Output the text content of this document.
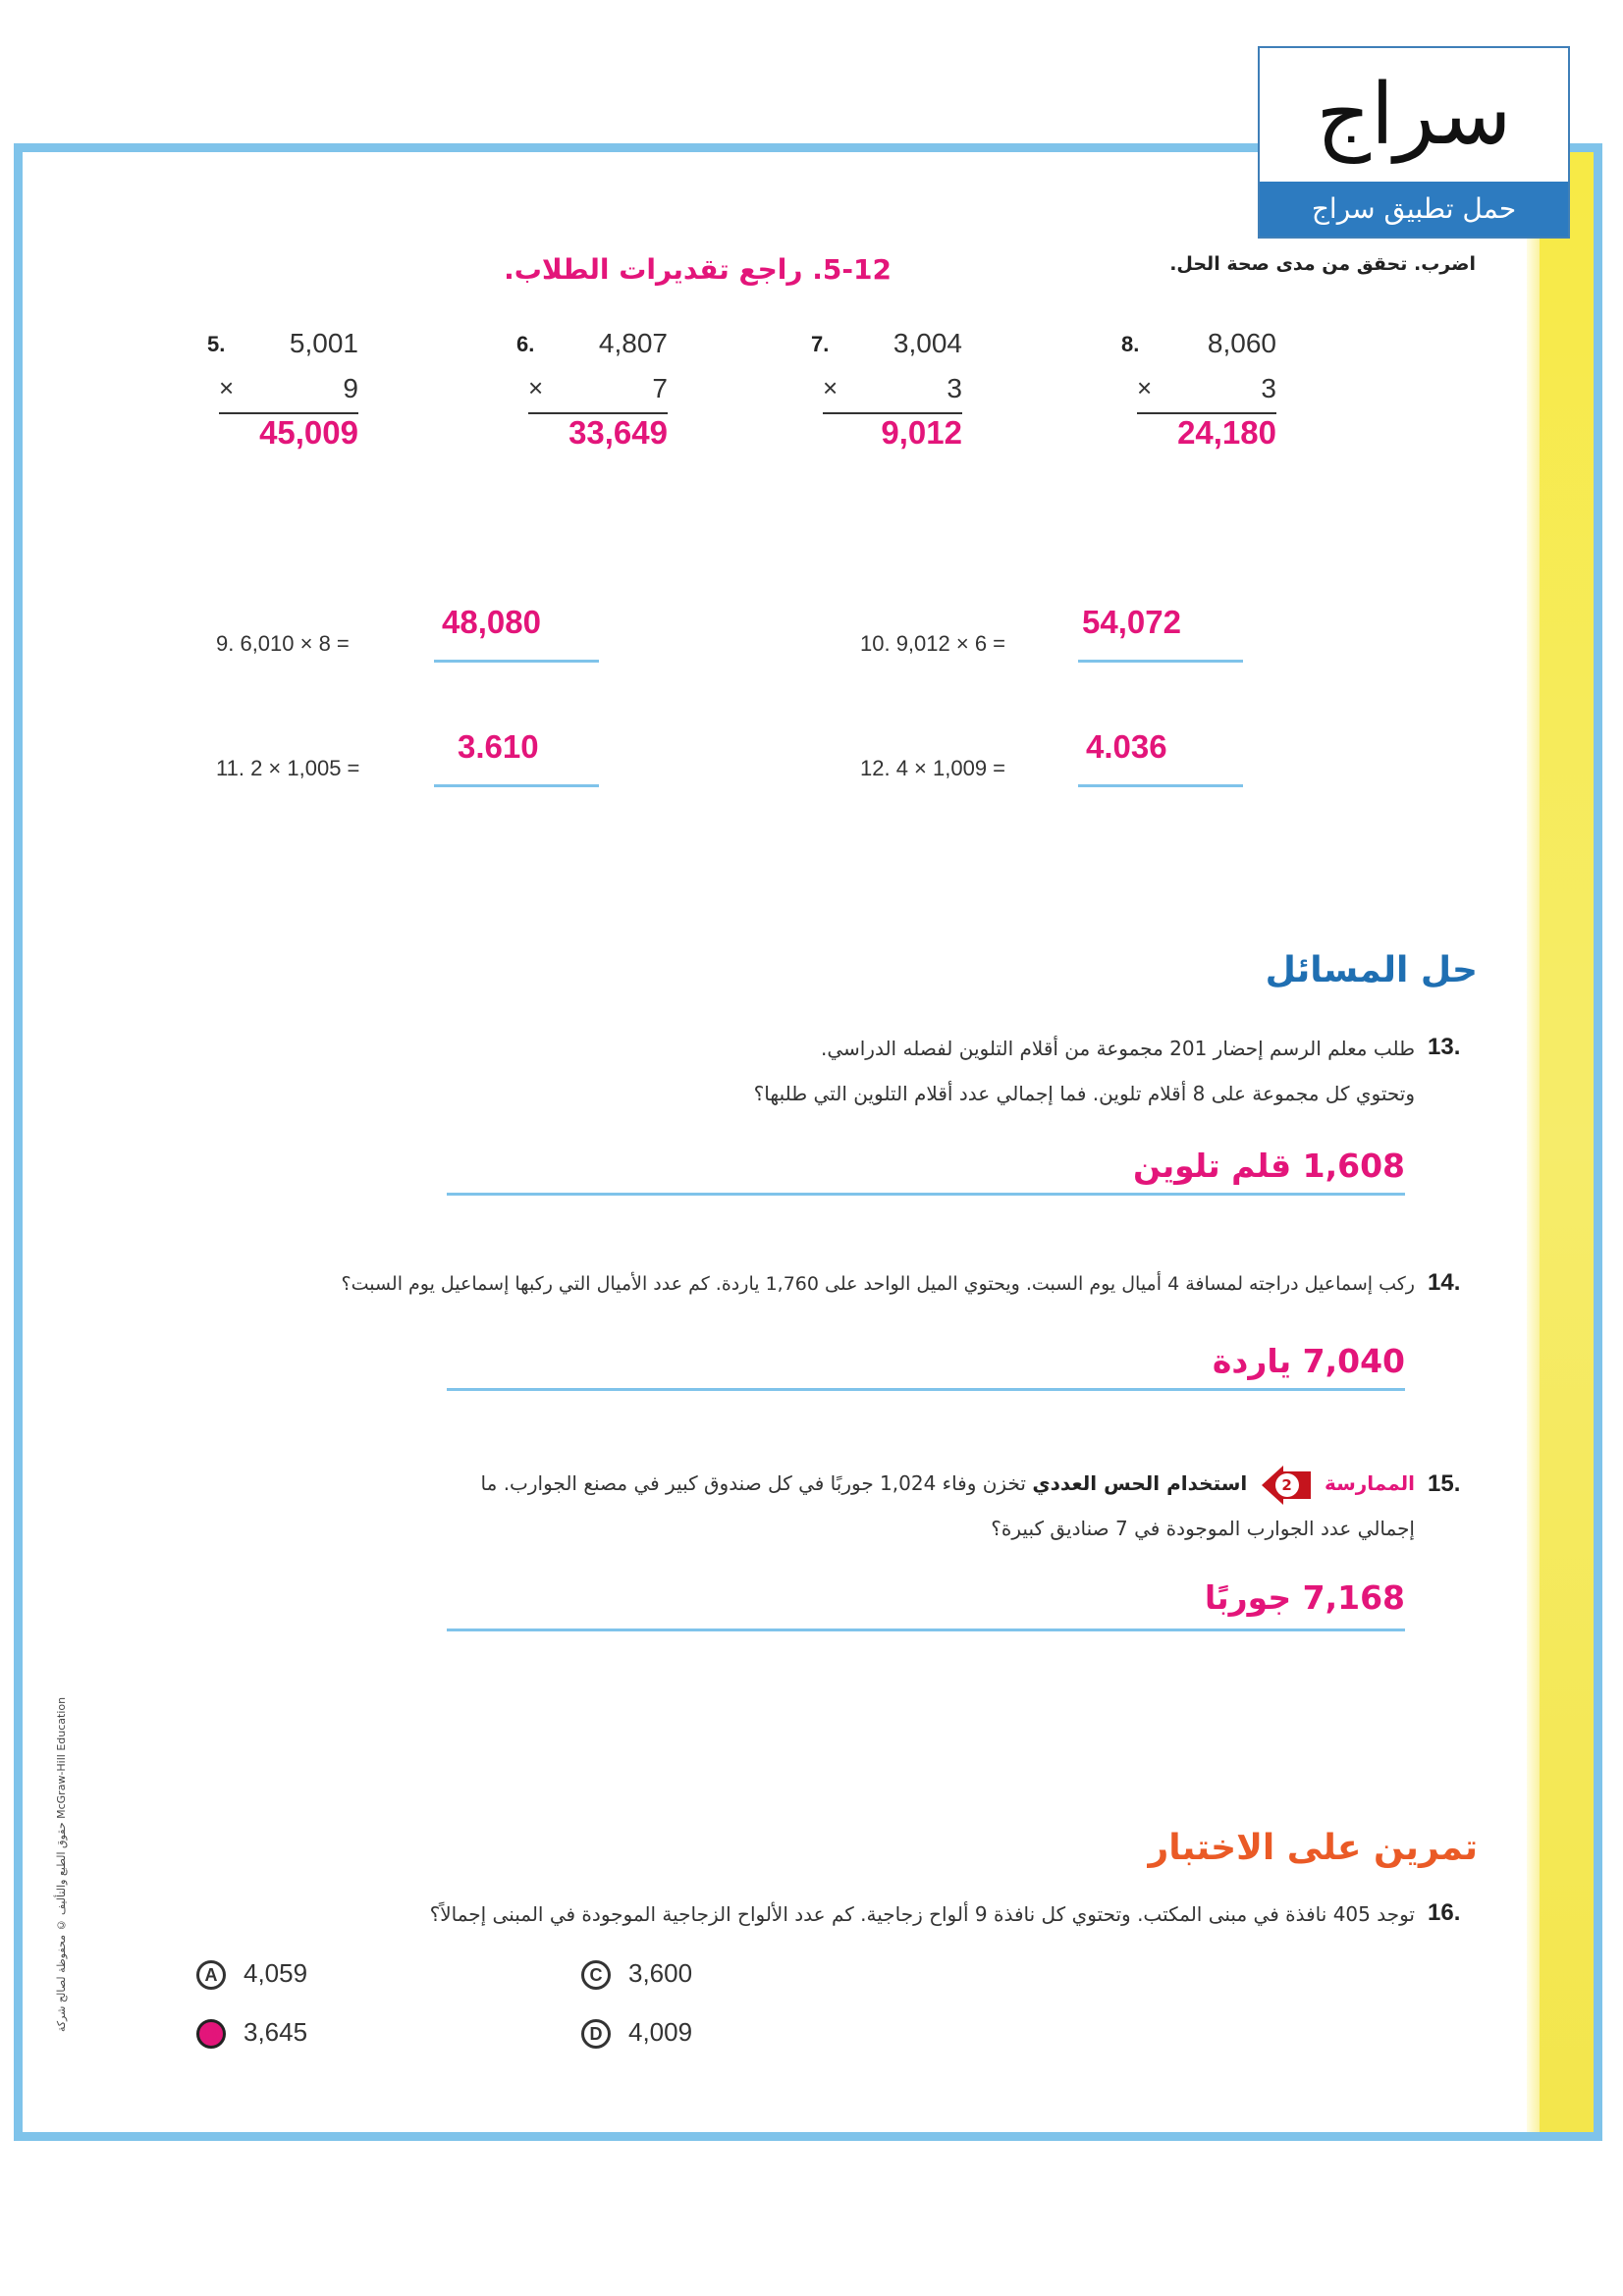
سراج
حمل تطبيق سراج
اضرب. تحقق من مدى صحة الحل.
5-12. راجع تقديرات الطلاب.
5. 5,001
×	9
45,009
6. 4,807
×	7
33,649
7. 3,004
×	3
9,012
8. 8,060
×	3
24,180
9. 6,010 × 8 =
48,080
10. 9,012 × 6 =
54,072
11. 2 × 1,005 =
3.610
12. 4 × 1,009 =
4.036
حل المسائل
13.
طلب معلم الرسم إحضار 201 مجموعة من أقلام التلوين لفصله الدراسي.
وتحتوي كل مجموعة على 8 أقلام تلوين. فما إجمالي عدد أقلام التلوين التي طلبها؟
1,608 قلم تلوين
14.
ركب إسماعيل دراجته لمسافة 4 أميال يوم السبت. ويحتوي الميل الواحد على 1,760 ياردة. كم عدد الأميال التي ركبها إسماعيل يوم السبت؟
7,040 ياردة
15.
الممارسة
2
استخدام الحس العددي تخزن وفاء 1,024 جوربًا في كل صندوق كبير في مصنع الجوارب. ما
إجمالي عدد الجوارب الموجودة في 7 صناديق كبيرة؟
7,168 جوربًا
تمرين على الاختبار
16.
توجد 405 نافذة في مبنى المكتب. وتحتوي كل نافذة 9 ألواح زجاجية. كم عدد الألواح الزجاجية الموجودة في المبنى إجمالاً؟
A 4,059	C 3,600
B 3,645	D 4,009
حقوق الطبع والتأليف © محفوظة لصالح شركة McGraw-Hill Education
